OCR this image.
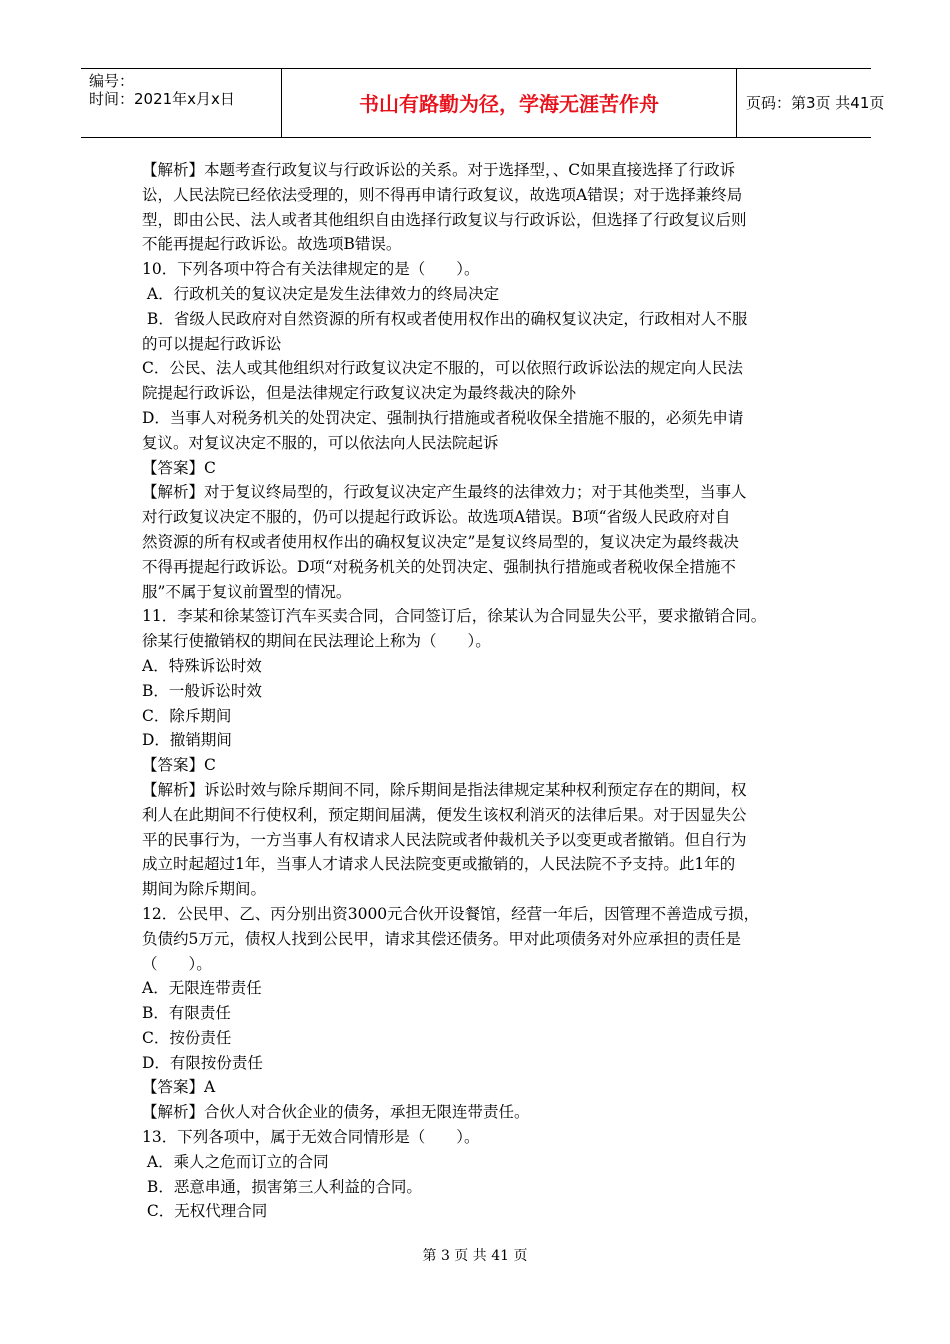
编号：
时间：2021年x月x日	书山有路勤为径，学海无涯苦作舟	页码：第3页 共41页
【解析】本题考查行政复议与行政诉讼的关系。对于选择型，、C如果直接选择了行政诉
讼，人民法院已经依法受理的，则不得再申请行政复议，故选项A错误；对于选择兼终局
型，即由公民、法人或者其他组织自由选择行政复议与行政诉讼，但选择了行政复议后则
不能再提起行政诉讼。故选项B错误。
10．下列各项中符合有关法律规定的是（　　）。
A．行政机关的复议决定是发生法律效力的终局决定
B．省级人民政府对自然资源的所有权或者使用权作出的确权复议决定，行政相对人不服
的可以提起行政诉讼
C．公民、法人或其他组织对行政复议决定不服的，可以依照行政诉讼法的规定向人民法
院提起行政诉讼，但是法律规定行政复议决定为最终裁决的除外
D．当事人对税务机关的处罚决定、强制执行措施或者税收保全措施不服的，必须先申请
复议。对复议决定不服的，可以依法向人民法院起诉
【答案】C
【解析】对于复议终局型的，行政复议决定产生最终的法律效力；对于其他类型，当事人
对行政复议决定不服的，仍可以提起行政诉讼。故选项A错误。B项“省级人民政府对自
然资源的所有权或者使用权作出的确权复议决定”是复议终局型的，复议决定为最终裁决
不得再提起行政诉讼。D项“对税务机关的处罚决定、强制执行措施或者税收保全措施不
服”不属于复议前置型的情况。
11．李某和徐某签订汽车买卖合同，合同签订后，徐某认为合同显失公平，要求撤销合同。
徐某行使撤销权的期间在民法理论上称为（　　）。
A．特殊诉讼时效
B．一般诉讼时效
C．除斥期间
D．撤销期间
【答案】C
【解析】诉讼时效与除斥期间不同，除斥期间是指法律规定某种权利预定存在的期间，权
利人在此期间不行使权利，预定期间届满，便发生该权利消灭的法律后果。对于因显失公
平的民事行为，一方当事人有权请求人民法院或者仲裁机关予以变更或者撤销。但自行为
成立时起超过1年，当事人才请求人民法院变更或撤销的，人民法院不予支持。此1年的
期间为除斥期间。
12．公民甲、乙、丙分别出资3000元合伙开设餐馆，经营一年后，因管理不善造成亏损，
负债约5万元，债权人找到公民甲，请求其偿还债务。甲对此项债务对外应承担的责任是
（　　）。
A．无限连带责任
B．有限责任
C．按份责任
D．有限按份责任
【答案】A
【解析】合伙人对合伙企业的债务，承担无限连带责任。
13．下列各项中，属于无效合同情形是（　　）。
A．乘人之危而订立的合同
B．恶意串通，损害第三人利益的合同。
C．无权代理合同
第 3 页 共 41 页
